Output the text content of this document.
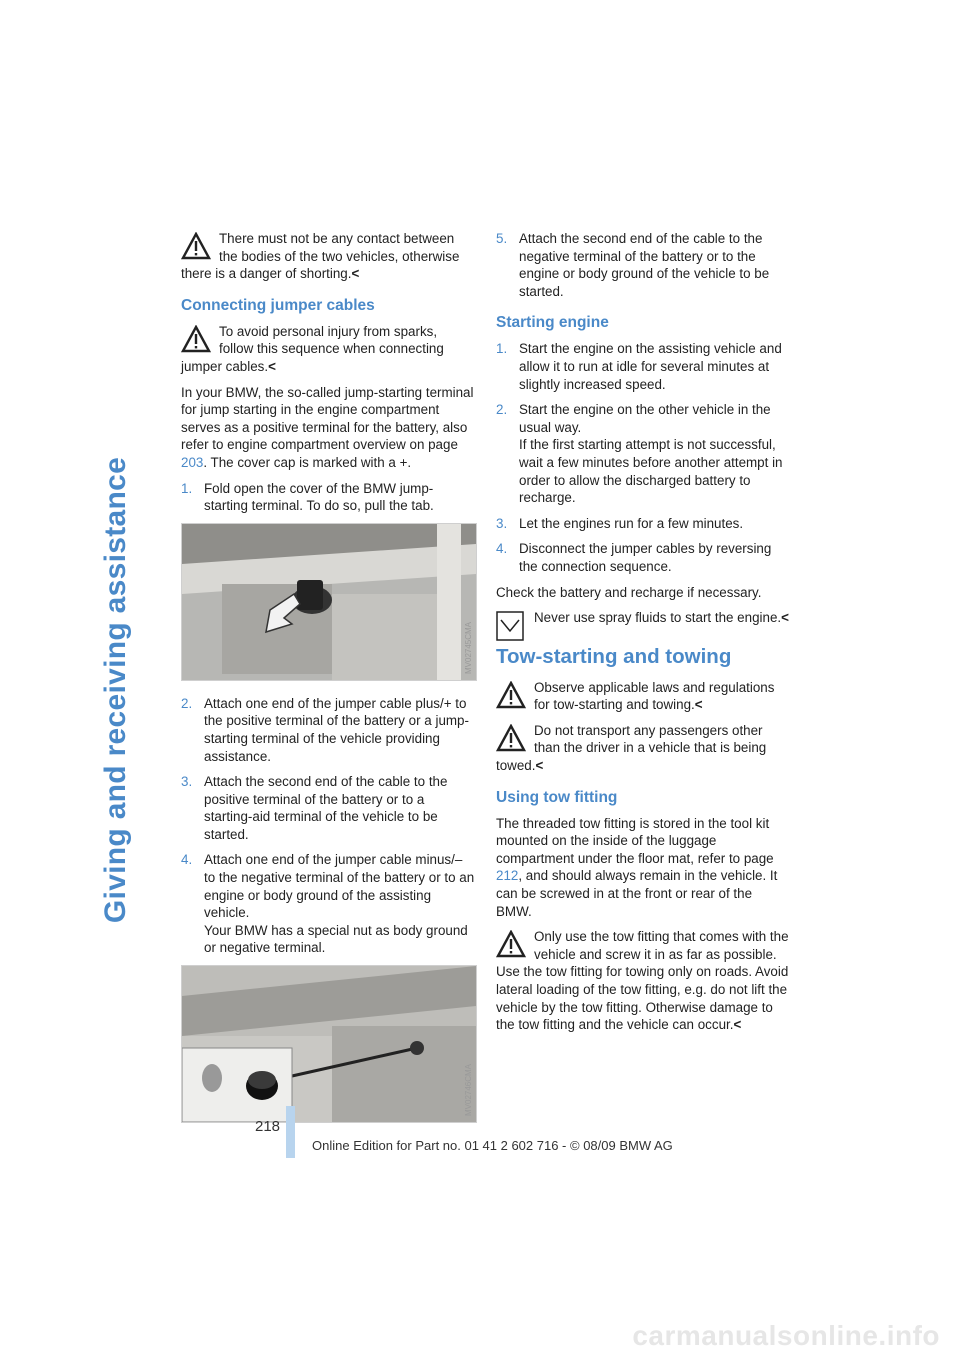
Giving and receiving assistance
There must not be any contact between the bodies of the two vehicles, otherwise there is a danger of shorting.<
Connecting jumper cables
To avoid personal injury from sparks, follow this sequence when connecting jumper cables.<

In your BMW, the so-called jump-starting terminal for jump starting in the engine compartment serves as a positive terminal for the battery, also refer to engine compartment overview on page 203. The cover cap is marked with a +.

1. Fold open the cover of the BMW jump-starting terminal. To do so, pull the tab.
MV02745CMA
2. Attach one end of the jumper cable plus/+ to the positive terminal of the battery or a jump-starting terminal of the vehicle providing assistance.
3. Attach the second end of the cable to the positive terminal of the battery or to a starting-aid terminal of the vehicle to be started.
4. Attach one end of the jumper cable minus/– to the negative terminal of the battery or to an engine or body ground of the assisting vehicle.
Your BMW has a special nut as body ground or negative terminal.
MV02746CMA
5. Attach the second end of the cable to the negative terminal of the battery or to the engine or body ground of the vehicle to be started.
Starting engine
1. Start the engine on the assisting vehicle and allow it to run at idle for several minutes at slightly increased speed.
2. Start the engine on the other vehicle in the usual way.
If the first starting attempt is not successful, wait a few minutes before another attempt in order to allow the discharged battery to recharge.
3. Let the engines run for a few minutes.
4. Disconnect the jumper cables by reversing the connection sequence.

Check the battery and recharge if necessary.

Never use spray fluids to start the engine.<
Tow-starting and towing
Observe applicable laws and regulations for tow-starting and towing.<
Do not transport any passengers other than the driver in a vehicle that is being towed.<
Using tow fitting

The threaded tow fitting is stored in the tool kit mounted on the inside of the luggage compartment under the floor mat, refer to page 212, and should always remain in the vehicle. It can be screwed in at the front or rear of the BMW.

Only use the tow fitting that comes with the vehicle and screw it in as far as possible. Use the tow fitting for towing only on roads. Avoid lateral loading of the tow fitting, e.g. do not lift the vehicle by the tow fitting. Otherwise damage to the tow fitting and the vehicle can occur.<
218
Online Edition for Part no. 01 41 2 602 716 - © 08/09 BMW AG
carmanualsonline.info
